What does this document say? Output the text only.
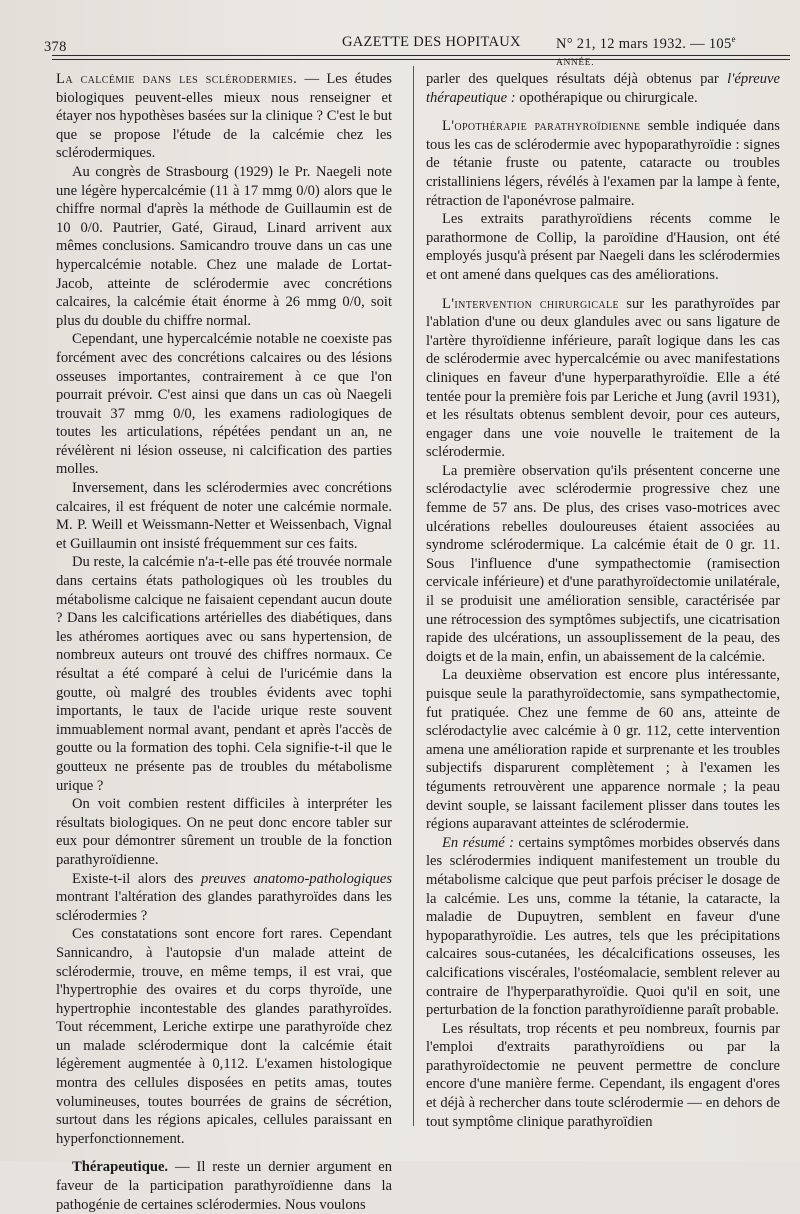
378	GAZETTE DES HOPITAUX N° 21, 12 mars 1932. — 105e ANNÉE.

La calcémie dans les sclérodermies. — Les études biologiques peuvent-elles mieux nous renseigner et étayer nos hypothèses basées sur la clinique ? C'est le but que se propose l'étude de la calcémie chez les sclérodermiques.

Au congrès de Strasbourg (1929) le Pr. Naegeli note une légère hypercalcémie (11 à 17 mmg 0/0) alors que le chiffre normal d'après la méthode de Guillaumin est de 10 0/0. Pautrier, Gaté, Giraud, Linard arrivent aux mêmes conclusions. Samicandro trouve dans un cas une hypercalcémie notable. Chez une malade de Lortat-Jacob, atteinte de sclérodermie avec concrétions calcaires, la calcémie était énorme à 26 mmg 0/0, soit plus du double du chiffre normal.

Cependant, une hypercalcémie notable ne coexiste pas forcément avec des concrétions calcaires ou des lésions osseuses importantes, contrairement à ce que l'on pourrait prévoir. C'est ainsi que dans un cas où Naegeli trouvait 37 mmg 0/0, les examens radiologiques de toutes les articulations, répétées pendant un an, ne révélèrent ni lésion osseuse, ni calcification des parties molles.

Inversement, dans les sclérodermies avec concrétions calcaires, il est fréquent de noter une calcémie normale. M. P. Weill et Weissmann-Netter et Weissenbach, Vignal et Guillaumin ont insisté fréquemment sur ces faits.

Du reste, la calcémie n'a-t-elle pas été trouvée normale dans certains états pathologiques où les troubles du métabolisme calcique ne faisaient cependant aucun doute ? Dans les calcifications artérielles des diabétiques, dans les athéromes aortiques avec ou sans hypertension, de nombreux auteurs ont trouvé des chiffres normaux. Ce résultat a été comparé à celui de l'uricémie dans la goutte, où malgré des troubles évidents avec tophi importants, le taux de l'acide urique reste souvent immuablement normal avant, pendant et après l'accès de goutte ou la formation des tophi. Cela signifie-t-il que le goutteux ne présente pas de troubles du métabolisme urique ?

On voit combien restent difficiles à interpréter les résultats biologiques. On ne peut donc encore tabler sur eux pour démontrer sûrement un trouble de la fonction parathyroïdienne.

Existe-t-il alors des preuves anatomo-pathologiques montrant l'altération des glandes parathyroïdes dans les sclérodermies ?

Ces constatations sont encore fort rares. Cependant Sannicandro, à l'autopsie d'un malade atteint de sclérodermie, trouve, en même temps, il est vrai, que l'hypertrophie des ovaires et du corps thyroïde, une hypertrophie incontestable des glandes parathyroïdes. Tout récemment, Leriche extirpe une parathyroïde chez un malade sclérodermique dont la calcémie était légèrement augmentée à 0,112. L'examen histologique montra des cellules disposées en petits amas, toutes volumineuses, toutes bourrées de grains de sécrétion, surtout dans les régions apicales, cellules paraissant en hyperfonctionnement.

Thérapeutique. — Il reste un dernier argument en faveur de la participation parathyroïdienne dans la pathogénie de certaines sclérodermies. Nous voulons

parler des quelques résultats déjà obtenus par l'épreuve thérapeutique : opothérapique ou chirurgicale.

L'opothérapie parathyroïdienne semble indiquée dans tous les cas de sclérodermie avec hypoparathyroïdie : signes de tétanie fruste ou patente, cataracte ou troubles cristalliniens légers, révélés à l'examen par la lampe à fente, rétraction de l'aponévrose palmaire.

Les extraits parathyroïdiens récents comme le parathormone de Collip, la paroïdine d'Hausion, ont été employés jusqu'à présent par Naegeli dans les sclérodermies et ont amené dans quelques cas des améliorations.

L'intervention chirurgicale sur les parathyroïdes par l'ablation d'une ou deux glandules avec ou sans ligature de l'artère thyroïdienne inférieure, paraît logique dans les cas de sclérodermie avec hypercalcémie ou avec manifestations cliniques en faveur d'une hyperparathyroïdie. Elle a été tentée pour la première fois par Leriche et Jung (avril 1931), et les résultats obtenus semblent devoir, pour ces auteurs, engager dans une voie nouvelle le traitement de la sclérodermie.

La première observation qu'ils présentent concerne une sclérodactylie avec sclérodermie progressive chez une femme de 57 ans. De plus, des crises vaso-motrices avec ulcérations rebelles douloureuses étaient associées au syndrome sclérodermique. La calcémie était de 0 gr. 11. Sous l'influence d'une sympathectomie (ramisection cervicale inférieure) et d'une parathyroïdectomie unilatérale, il se produisit une amélioration sensible, caractérisée par une rétrocession des symptômes subjectifs, une cicatrisation rapide des ulcérations, un assouplissement de la peau, des doigts et de la main, enfin, un abaissement de la calcémie.

La deuxième observation est encore plus intéressante, puisque seule la parathyroïdectomie, sans sympathectomie, fut pratiquée. Chez une femme de 60 ans, atteinte de sclérodactylie avec calcémie à 0 gr. 112, cette intervention amena une amélioration rapide et surprenante et les troubles subjectifs disparurent complètement ; à l'examen les téguments retrouvèrent une apparence normale ; la peau devint souple, se laissant facilement plisser dans toutes les régions auparavant atteintes de sclérodermie.

En résumé : certains symptômes morbides observés dans les sclérodermies indiquent manifestement un trouble du métabolisme calcique que peut parfois préciser le dosage de la calcémie. Les uns, comme la tétanie, la cataracte, la maladie de Dupuytren, semblent en faveur d'une hypoparathyroïdie. Les autres, tels que les précipitations calcaires sous-cutanées, les décalcifications osseuses, les calcifications viscérales, l'ostéomalacie, semblent relever au contraire de l'hyperparathyroïdie. Quoi qu'il en soit, une perturbation de la fonction parathyroïdienne paraît probable.

Les résultats, trop récents et peu nombreux, fournis par l'emploi d'extraits parathyroïdiens ou par la parathyroïdectomie ne peuvent permettre de conclure encore d'une manière ferme. Cependant, ils engagent d'ores et déjà à rechercher dans toute sclérodermie — en dehors de tout symptôme clinique parathyroïdien
